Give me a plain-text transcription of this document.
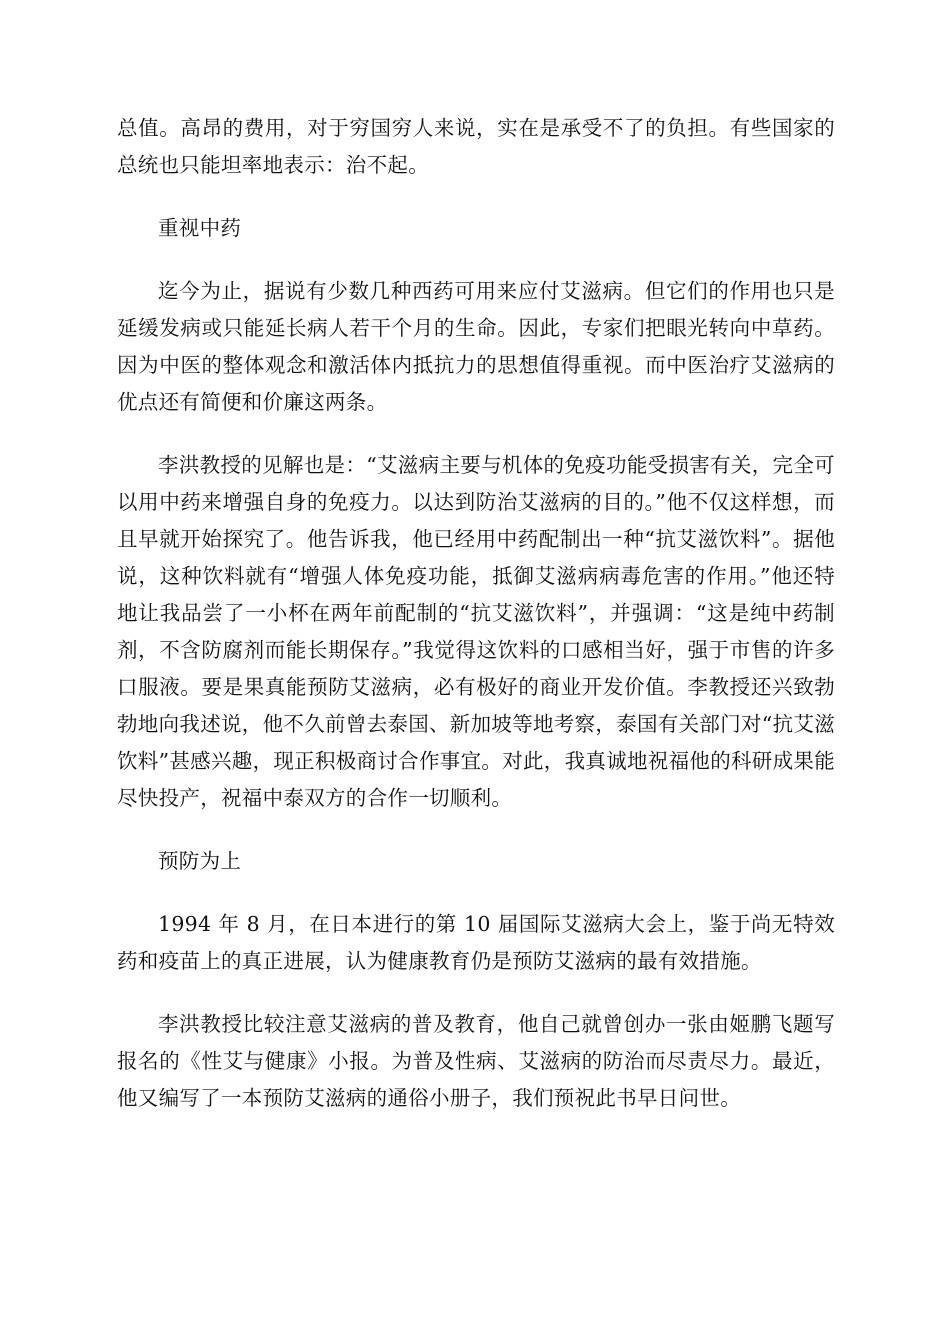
总值。高昂的费用，对于穷国穷人来说，实在是承受不了的负担。有些国家的总统也只能坦率地表示：治不起。

重视中药

迄今为止，据说有少数几种西药可用来应付艾滋病。但它们的作用也只是延缓发病或只能延长病人若干个月的生命。因此，专家们把眼光转向中草药。因为中医的整体观念和激活体内抵抗力的思想值得重视。而中医治疗艾滋病的优点还有简便和价廉这两条。

李洪教授的见解也是：“艾滋病主要与机体的免疫功能受损害有关，完全可以用中药来增强自身的免疫力。以达到防治艾滋病的目的。”他不仅这样想，而且早就开始探究了。他告诉我，他已经用中药配制出一种“抗艾滋饮料”。据他说，这种饮料就有“增强人体免疫功能，抵御艾滋病病毒危害的作用。”他还特地让我品尝了一小杯在两年前配制的“抗艾滋饮料”，并强调：“这是纯中药制剂，不含防腐剂而能长期保存。”我觉得这饮料的口感相当好，强于市售的许多口服液。要是果真能预防艾滋病，必有极好的商业开发价值。李教授还兴致勃勃地向我述说，他不久前曾去泰国、新加坡等地考察，泰国有关部门对“抗艾滋饮料”甚感兴趣，现正积极商讨合作事宜。对此，我真诚地祝福他的科研成果能尽快投产，祝福中泰双方的合作一切顺利。

预防为上

1994 年 8 月，在日本进行的第 10 届国际艾滋病大会上，鉴于尚无特效药和疫苗上的真正进展，认为健康教育仍是预防艾滋病的最有效措施。

李洪教授比较注意艾滋病的普及教育，他自己就曾创办一张由姬鹏飞题写报名的《性艾与健康》小报。为普及性病、艾滋病的防治而尽责尽力。最近，他又编写了一本预防艾滋病的通俗小册子，我们预祝此书早日问世。
